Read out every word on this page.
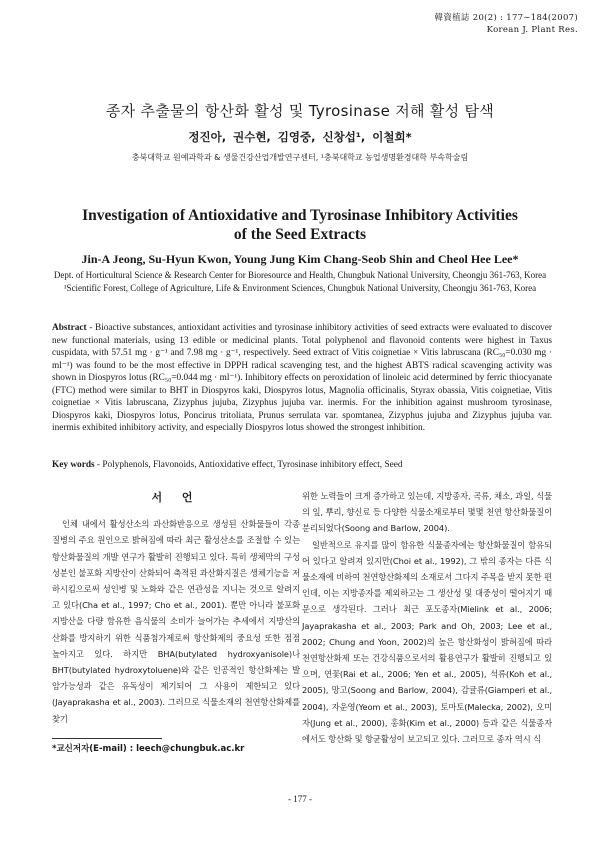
韓資植誌 20(2) : 177∼184(2007)
Korean J. Plant Res.
종자 추출물의 항산화 활성 및 Tyrosinase 저해 활성 탐색
정진아, 권수현, 김영중, 신창섭¹, 이철희*
충북대학교 원예과학과 & 생물건강산업개발연구센터, ¹충북대학교 농업생명환경대학 부속학술림
Investigation of Antioxidative and Tyrosinase Inhibitory Activities
of the Seed Extracts
Jin-A Jeong, Su-Hyun Kwon, Young Jung Kim Chang-Seob Shin and Cheol Hee Lee*
Dept. of Horticultural Science & Research Center for Bioresource and Health, Chungbuk National University, Cheongju 361-763, Korea
¹Scientific Forest, College of Agriculture, Life & Environment Sciences, Chungbuk National University, Cheongju 361-763, Korea
Abstract - Bioactive substances, antioxidant activities and tyrosinase inhibitory activities of seed extracts were evaluated to discover new functional materials, using 13 edible or medicinal plants. Total polyphenol and flavonoid contents were highest in Taxus cuspidata, with 57.51 mg · g⁻¹ and 7.98 mg · g⁻¹, respectively. Seed extract of Vitis coignetiae × Vitis labruscana (RC₅₀=0.030 mg · ml⁻¹) was found to be the most effective in DPPH radical scavenging test, and the highest ABTS radical scavenging activity was shown in Diospyros lotus (RC₅₀=0.044 mg · ml⁻¹). Inhibitory effects on peroxidation of linoleic acid determined by ferric thiocyanate (FTC) method were similar to BHT in Diospyros kaki, Diospyros lotus, Magnolia officinalis, Styrax obassia, Vitis coignetiae, Vitis coignetiae × Vitis labruscana, Zizyphus jujuba, Zizyphus jujuba var. inermis. For the inhibition against mushroom tyrosinase, Diospyros kaki, Diospyros lotus, Poncirus tritoliata, Prunus serrulata var. spomtanea, Zizyphus jujuba and Zizyphus jujuba var. inermis exhibited inhibitory activity, and especially Diospyros lotus showed the strongest inhibition.
Key words - Polyphenols, Flavonoids, Antioxidative effect, Tyrosinase inhibitory effect, Seed
서 언

인체 내에서 활성산소의 과산화반응으로 생성된 산화물들이 각종 질병의 주요 원인으로 밝혀짐에 따라 최근 활성산소를 조절할 수 있는 항산화물질의 개발 연구가 활발히 진행되고 있다. 특히 생체막의 구성성분인 불포화 지방산이 산화되어 축적된 과산화지질은 생체기능을 저하시킴으로써 성인병 및 노화와 같은 연관성을 지니는 것으로 알려지고 있다(Cha et al., 1997; Cho et al., 2001). 뿐만 아니라 불포화 지방산을 다량 함유한 음식물의 소비가 늘어가는 추세에서 지방산의 산화를 방지하기 위한 식품첨가제로써 항산화제의 중요성 또한 점점 높아지고 있다. 하지만 BHA(butylated hydroxyanisole)나 BHT(butylated hydroxytoluene)와 같은 인공적인 항산화제는 발암가능성과 같은 유독성이 제기되어 그 사용이 제한되고 있다(Jayaprakasha et al., 2003). 그러므로 식물소재의 천연항산화제를 찾기

위한 노력들이 크게 증가하고 있는데, 지방종자, 곡류, 채소, 과일, 식물의 잎, 뿌리, 향신료 등 다양한 식물소재로부터 몇몇 천연 항산화물질이 분리되었다(Soong and Barlow, 2004).

일반적으로 유지를 많이 함유한 식물종자에는 항산화물질이 함유되어 있다고 알려져 있지만(Choi et al., 1992), 그 밖의 종자는 다른 식물소재에 비하여 천연항산화제의 소재로서 그다지 주목을 받지 못한 편인데, 이는 지방종자를 제외하고는 그 생산성 및 대중성이 떨어지기 때문으로 생각된다. 그러나 최근 포도종자(Mielink et al., 2006; Jayaprakasha et al., 2003; Park and Oh, 2003; Lee et al., 2002; Chung and Yoon, 2002)의 높은 항산화성이 밝혀짐에 따라 천연항산화제 또는 건강식품으로서의 활용연구가 활발히 진행되고 있으며, 연꽃(Rai et al., 2006; Yen et al., 2005), 석류(Koh et al., 2005), 망고(Soong and Barlow, 2004), 감귤류(Giamperi et al., 2004), 자운영(Yeom et al., 2003), 토마토(Malecka, 2002), 오미자(Jung et al., 2000), 홍화(Kim et al., 2000) 등과 같은 식물종자에서도 항산화 및 항균활성이 보고되고 있다. 그러므로 종자 역시 식

*교신저자(E-mail) : leech@chungbuk.ac.kr
- 177 -
